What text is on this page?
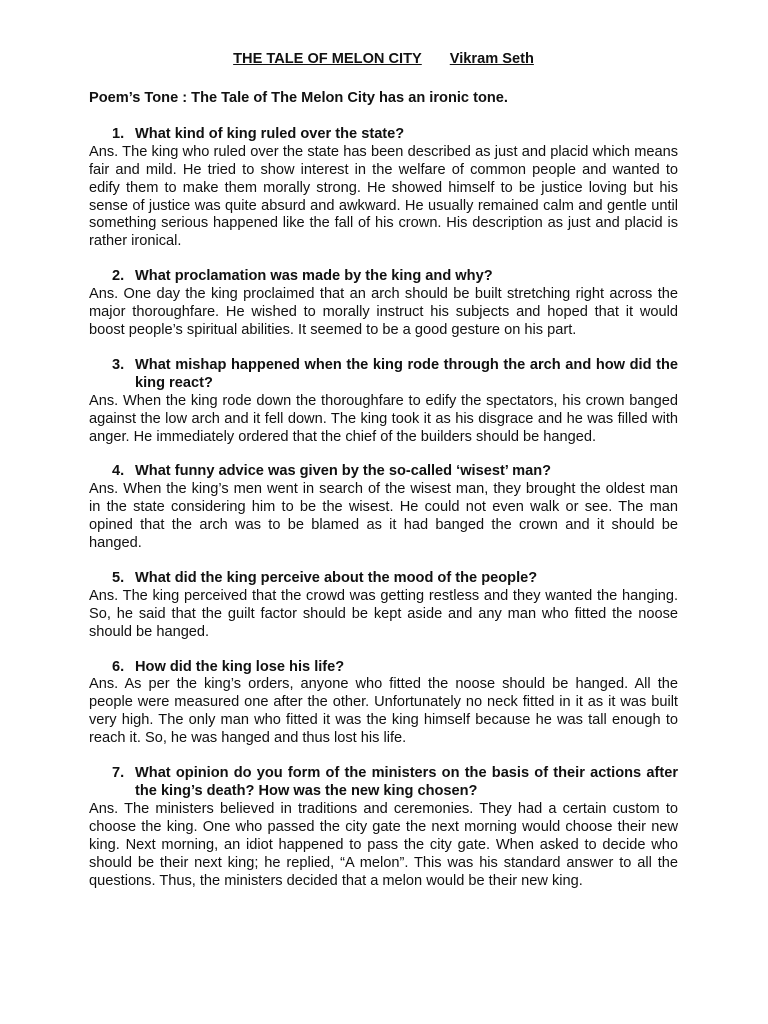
THE TALE OF MELON CITY Vikram Seth
Poem’s Tone : The Tale of The Melon City has an ironic tone.
1. What kind of king ruled over the state?
Ans. The king who ruled over the state has been described as just and placid which means fair and mild. He tried to show interest in the welfare of common people and wanted to edify them to make them morally strong. He showed himself to be justice loving but his sense of justice was quite absurd and awkward. He usually remained calm and gentle until something serious happened like the fall of his crown. His description as just and placid is rather ironical.
2. What proclamation was made by the king and why?
Ans. One day the king proclaimed that an arch should be built stretching right across the major thoroughfare. He wished to morally instruct his subjects and hoped that it would boost people’s spiritual abilities. It seemed to be a good gesture on his part.
3. What mishap happened when the king rode through the arch and how did the king react?
Ans. When the king rode down the thoroughfare to edify the spectators, his crown banged against the low arch and it fell down. The king took it as his disgrace and he was filled with anger. He immediately ordered that the chief of the builders should be hanged.
4. What funny advice was given by the so-called ‘wisest’ man?
Ans. When the king’s men went in search of the wisest man, they brought the oldest man in the state considering him to be the wisest. He could not even walk or see. The man opined that the arch was to be blamed as it had banged the crown and it should be hanged.
5. What did the king perceive about the mood of the people?
Ans. The king perceived that the crowd was getting restless and they wanted the hanging. So, he said that the guilt factor should be kept aside and any man who fitted the noose should be hanged.
6. How did the king lose his life?
Ans. As per the king’s orders, anyone who fitted the noose should be hanged. All the people were measured one after the other. Unfortunately no neck fitted in it as it was built very high. The only man who fitted it was the king himself because he was tall enough to reach it. So, he was hanged and thus lost his life.
7. What opinion do you form of the ministers on the basis of their actions after the king’s death? How was the new king chosen?
Ans. The ministers believed in traditions and ceremonies. They had a certain custom to choose the king. One who passed the city gate the next morning would choose their new king. Next morning, an idiot happened to pass the city gate. When asked to decide who should be their next king; he replied, “A melon”. This was his standard answer to all the questions. Thus, the ministers decided that a melon would be their new king.
